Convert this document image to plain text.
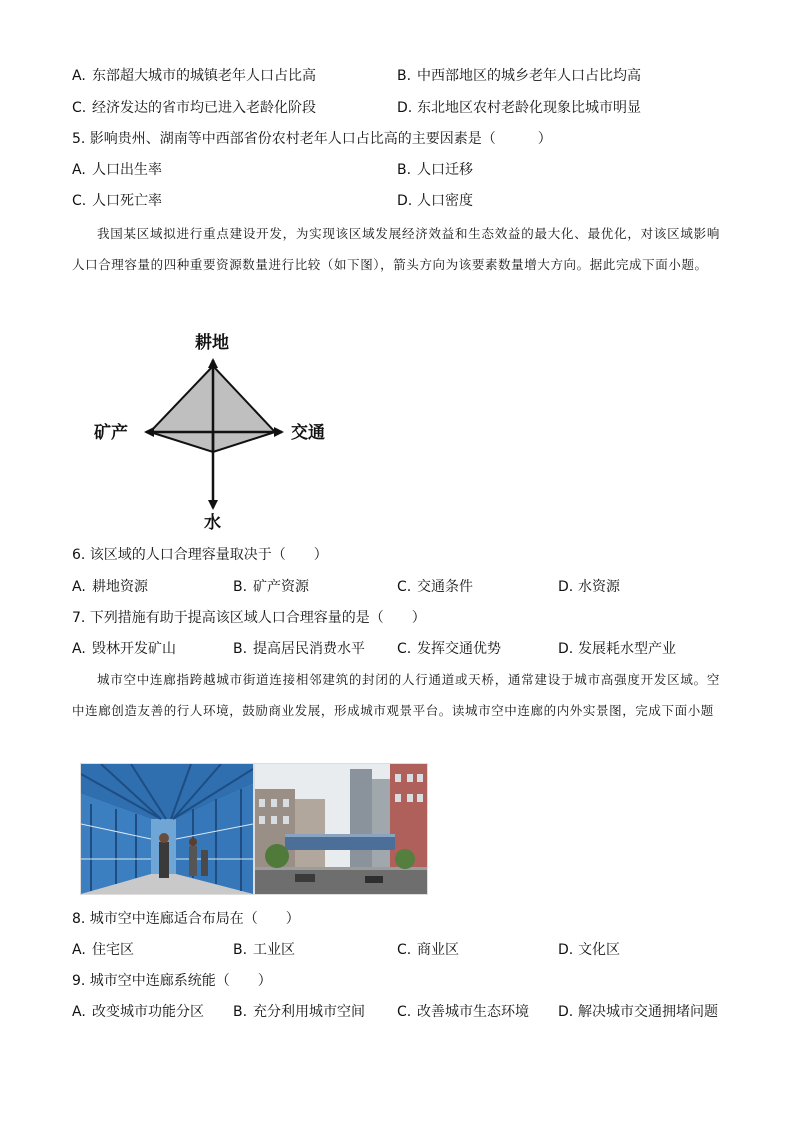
A. 东部超大城市的城镇老年人口占比高	B. 中西部地区的城乡老年人口占比均高
C. 经济发达的省市均已进入老龄化阶段	D. 东北地区农村老龄化现象比城市明显
5. 影响贵州、湖南等中西部省份农村老年人口占比高的主要因素是（　　　）
A. 人口出生率	B. 人口迁移
C. 人口死亡率	D. 人口密度
我国某区域拟进行重点建设开发，为实现该区域发展经济效益和生态效益的最大化、最优化，对该区域影响人口合理容量的四种重要资源数量进行比较（如下图），箭头方向为该要素数量增大方向。据此完成下面小题。
耕地
矿产	交通
水
6. 该区域的人口合理容量取决于（　　）
A. 耕地资源	B. 矿产资源	C. 交通条件	D. 水资源
7. 下列措施有助于提高该区域人口合理容量的是（　　）
A. 毁林开发矿山	B. 提高居民消费水平 C. 发挥交通优势	D. 发展耗水型产业
城市空中连廊指跨越城市街道连接相邻建筑的封闭的人行通道或天桥，通常建设于城市高强度开发区域。空中连廊创造友善的行人环境，鼓励商业发展，形成城市观景平台。读城市空中连廊的内外实景图，完成下面小题
8. 城市空中连廊适合布局在（　　）
A. 住宅区	B. 工业区	C. 商业区	D. 文化区
9. 城市空中连廊系统能（　　）
A. 改变城市功能分区 B. 充分利用城市空间 C. 改善城市生态环境 D. 解决城市交通拥堵问题
